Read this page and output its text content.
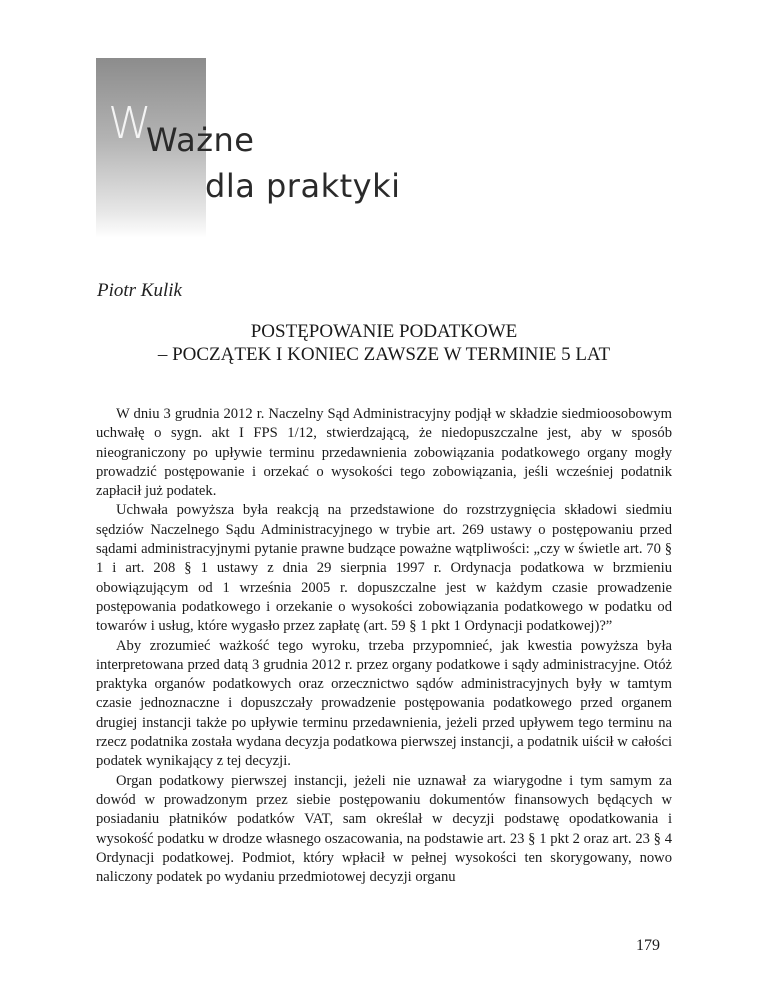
W
Ważne
dla praktyki
Piotr Kulik
POSTĘPOWANIE PODATKOWE
– POCZĄTEK I KONIEC ZAWSZE W TERMINIE 5 LAT

W dniu 3 grudnia 2012 r. Naczelny Sąd Administracyjny podjął w składzie siedmioosobowym uchwałę o sygn. akt I FPS 1/12, stwierdzającą, że niedopuszczalne jest, aby w sposób nieograniczony po upływie terminu przedawnienia zobowiązania podatkowego organy mogły prowadzić postępowanie i orzekać o wysokości tego zobowiązania, jeśli wcześniej podatnik zapłacił już podatek.

Uchwała powyższa była reakcją na przedstawione do rozstrzygnięcia składowi siedmiu sędziów Naczelnego Sądu Administracyjnego w trybie art. 269 ustawy o postępowaniu przed sądami administracyjnymi pytanie prawne budzące poważne wątpliwości: „czy w świetle art. 70 § 1 i art. 208 § 1 ustawy z dnia 29 sierpnia 1997 r. Ordynacja podatkowa w brzmieniu obowiązującym od 1 września 2005 r. dopuszczalne jest w każdym czasie prowadzenie postępowania podatkowego i orzekanie o wysokości zobowiązania podatkowego w podatku od towarów i usług, które wygasło przez zapłatę (art. 59 § 1 pkt 1 Ordynacji podatkowej)?”

Aby zrozumieć ważkość tego wyroku, trzeba przypomnieć, jak kwestia powyższa była interpretowana przed datą 3 grudnia 2012 r. przez organy podatkowe i sądy administracyjne. Otóż praktyka organów podatkowych oraz orzecznictwo sądów administracyjnych były w tamtym czasie jednoznaczne i dopuszczały prowadzenie postępowania podatkowego przed organem drugiej instancji także po upływie terminu przedawnienia, jeżeli przed upływem tego terminu na rzecz podatnika została wydana decyzja podatkowa pierwszej instancji, a podatnik uiścił w całości podatek wynikający z tej decyzji.

Organ podatkowy pierwszej instancji, jeżeli nie uznawał za wiarygodne i tym samym za dowód w prowadzonym przez siebie postępowaniu dokumentów finansowych będących w posiadaniu płatników podatków VAT, sam określał w decyzji podstawę opodatkowania i wysokość podatku w drodze własnego oszacowania, na podstawie art. 23 § 1 pkt 2 oraz art. 23 § 4 Ordynacji podatkowej. Podmiot, który wpłacił w pełnej wysokości ten skorygowany, nowo naliczony podatek po wydaniu przedmiotowej decyzji organu

179
